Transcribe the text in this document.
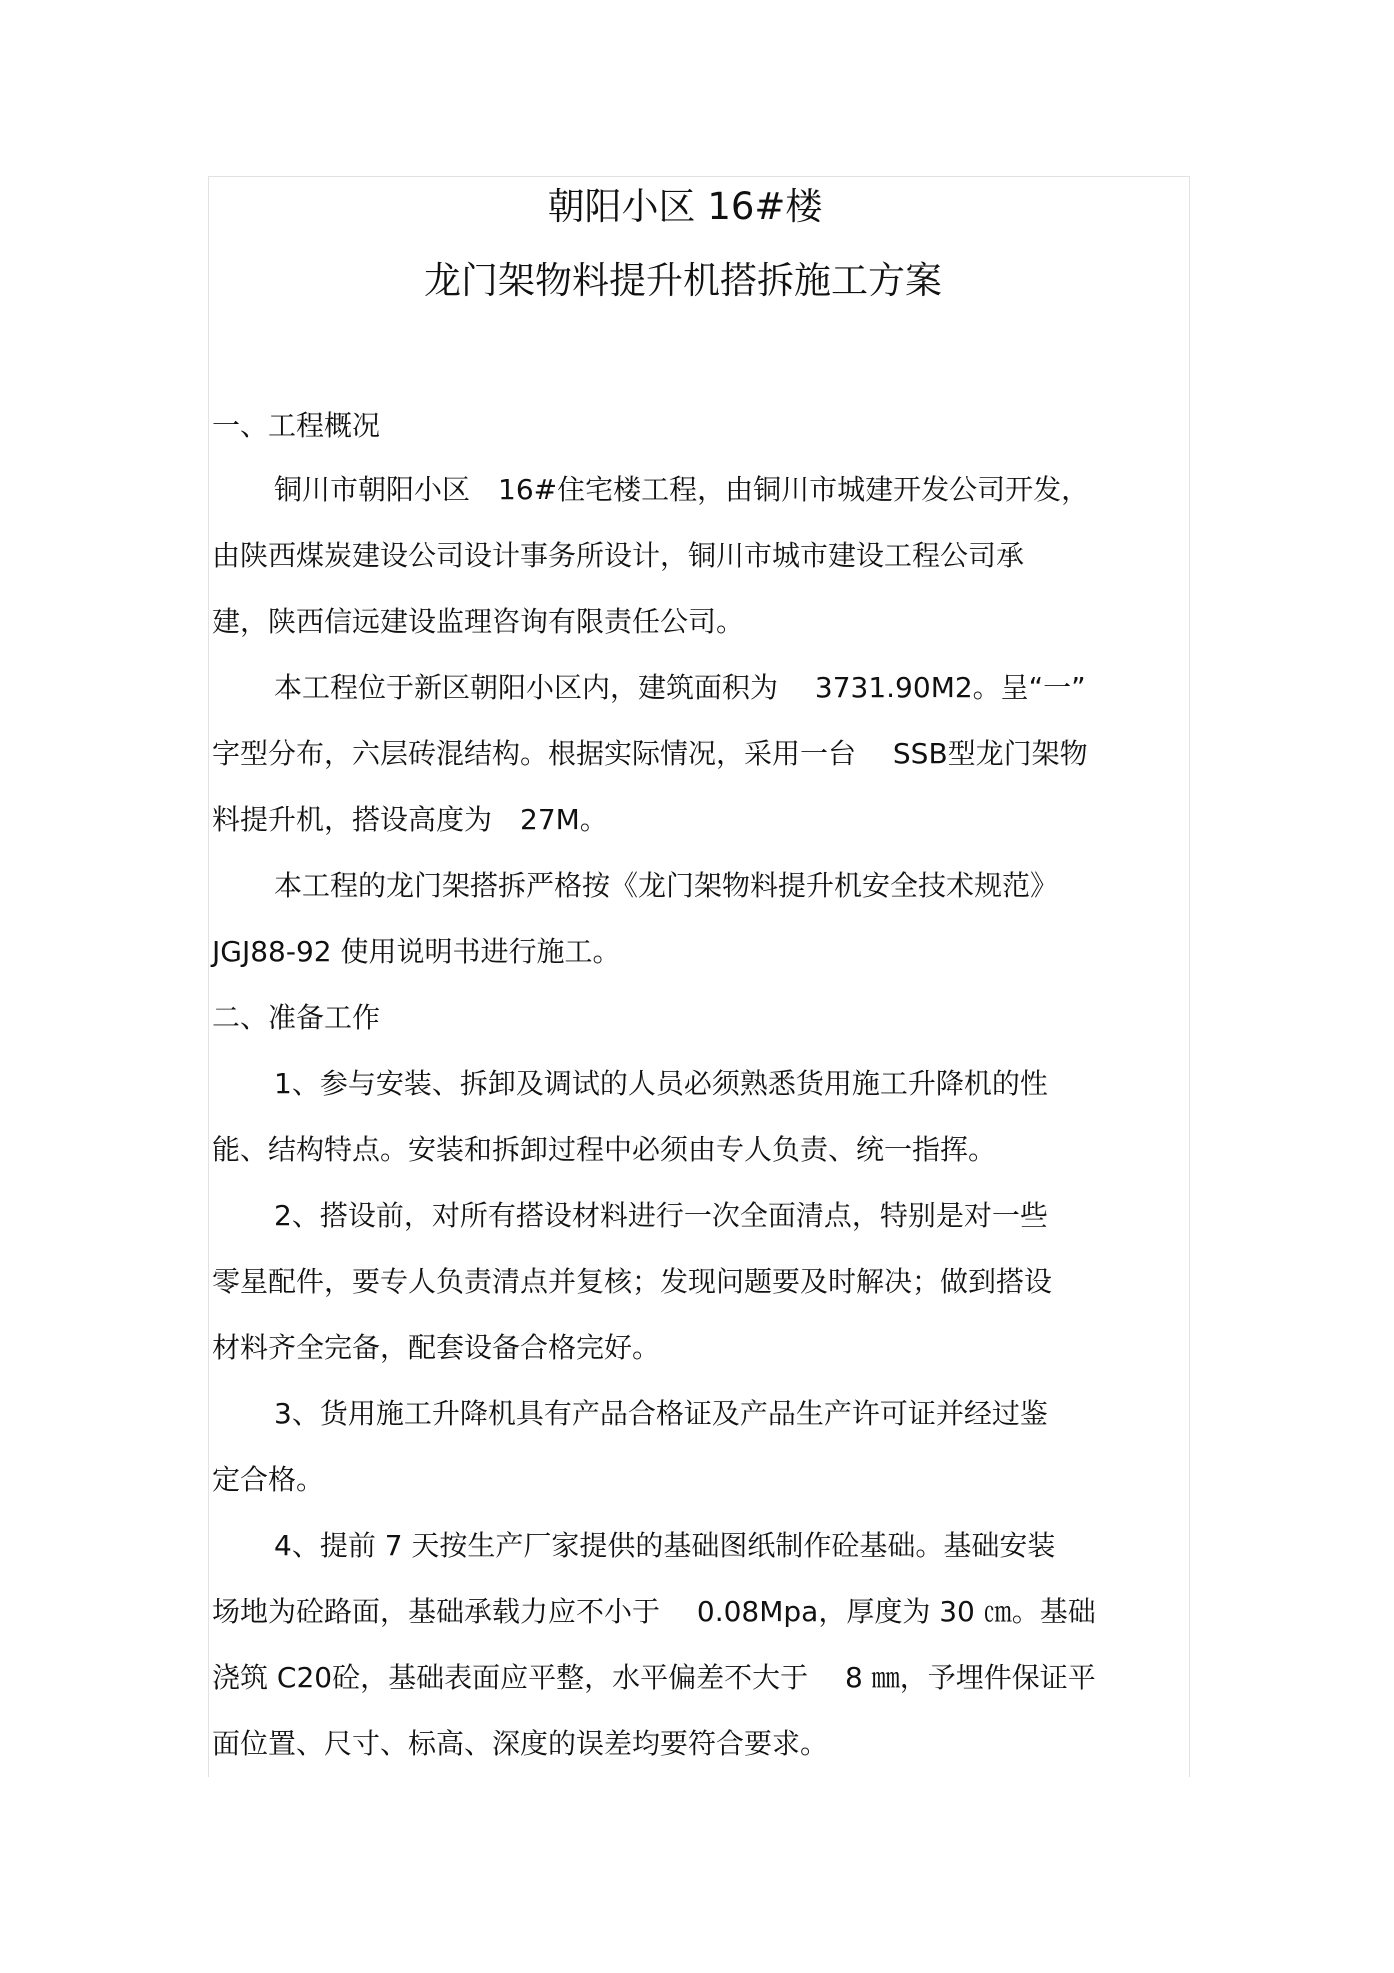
朝阳小区 16#楼
龙门架物料提升机搭拆施工方案

一、工程概况

铜川市朝阳小区　16#住宅楼工程，由铜川市城建开发公司开发，

由陕西煤炭建设公司设计事务所设计，铜川市城市建设工程公司承

建，陕西信远建设监理咨询有限责任公司。

本工程位于新区朝阳小区内，建筑面积为　 3731.90M2。呈“一”

字型分布，六层砖混结构。根据实际情况，采用一台　 SSB型龙门架物

料提升机，搭设高度为　27M。

本工程的龙门架搭拆严格按《龙门架物料提升机安全技术规范》

JGJ88-92 使用说明书进行施工。

二、准备工作

1、参与安装、拆卸及调试的人员必须熟悉货用施工升降机的性

能、结构特点。安装和拆卸过程中必须由专人负责、统一指挥。

2、搭设前，对所有搭设材料进行一次全面清点，特别是对一些

零星配件，要专人负责清点并复核；发现问题要及时解决；做到搭设

材料齐全完备，配套设备合格完好。

3、货用施工升降机具有产品合格证及产品生产许可证并经过鉴

定合格。

4、提前 7 天按生产厂家提供的基础图纸制作砼基础。基础安装

场地为砼路面，基础承载力应不小于　 0.08Mpa，厚度为 30 ㎝。基础

浇筑 C20砼，基础表面应平整，水平偏差不大于　 8 ㎜，予埋件保证平

面位置、尺寸、标高、深度的误差均要符合要求。
